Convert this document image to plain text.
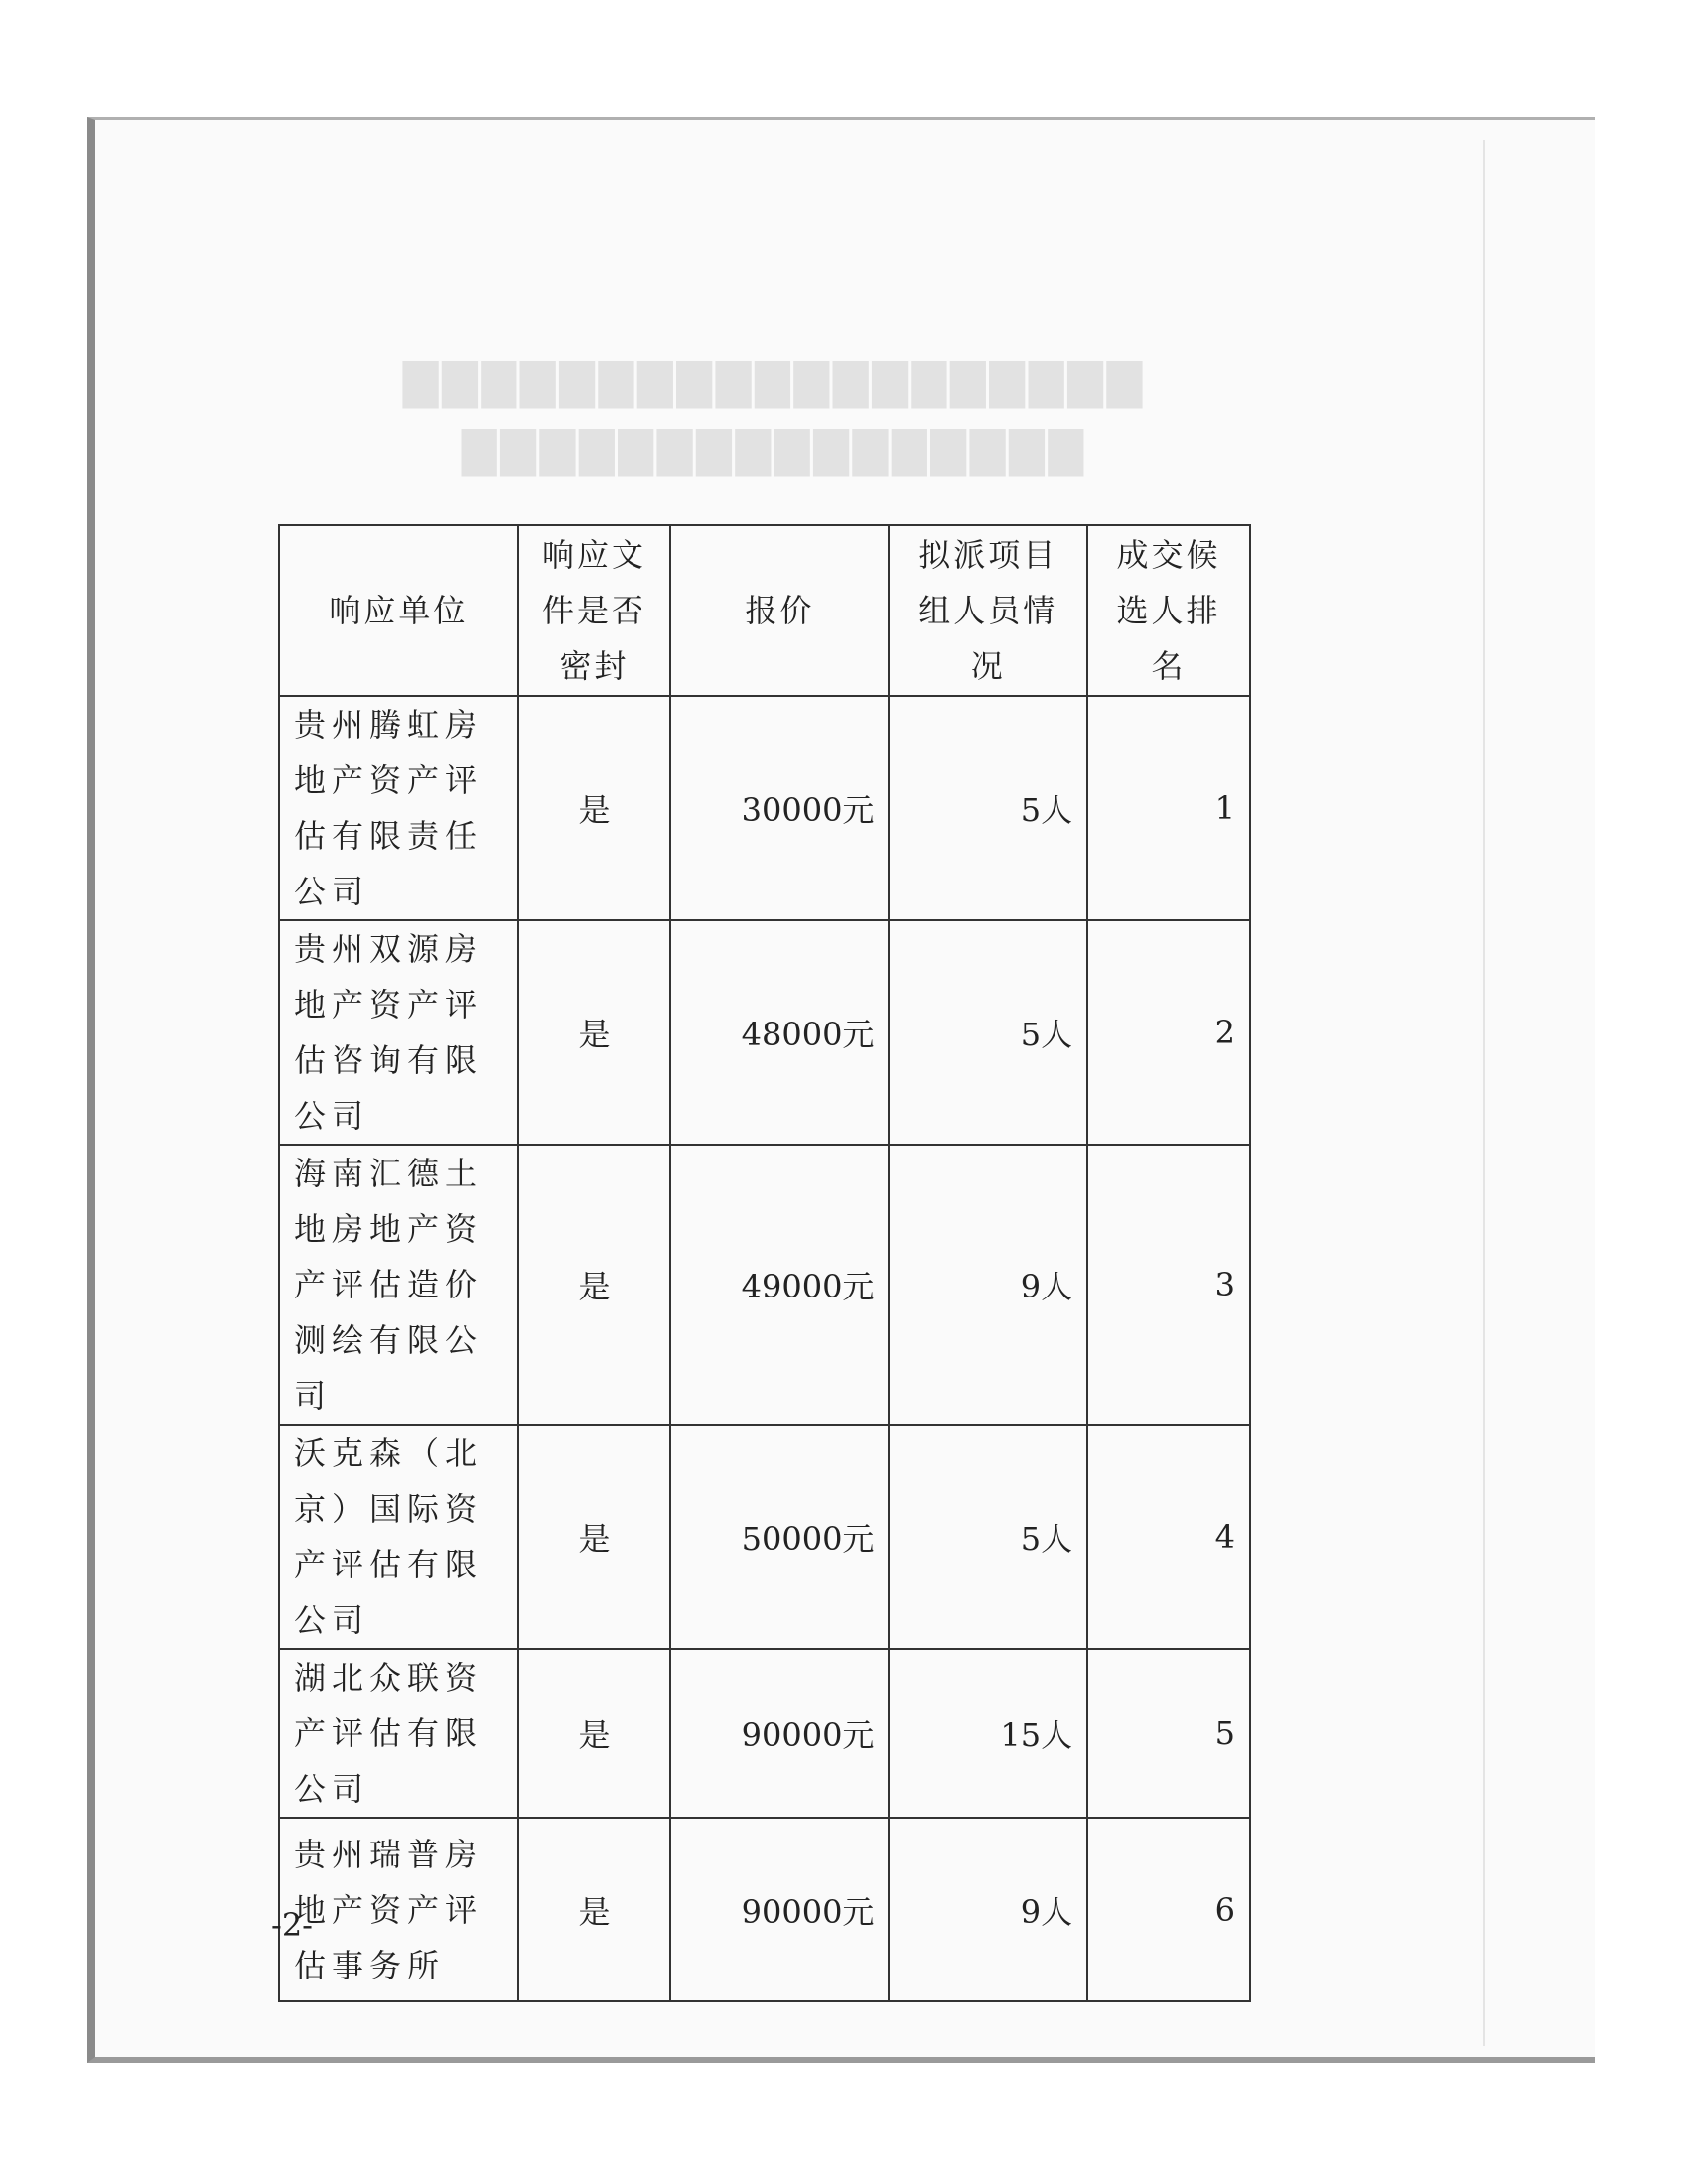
▇▇▇▇▇▇▇▇▇▇▇▇▇▇▇▇▇▇▇
▇▇▇▇▇▇▇▇▇▇▇▇▇▇▇▇
响应单位	响应文件是否密封	报价	拟派项目组人员情况	成交候选人排名
贵州腾虹房地产资产评估有限责任公司	是	30000元	5人	1
贵州双源房地产资产评估咨询有限公司	是	48000元	5人	2
海南汇德土地房地产资产评估造价测绘有限公司	是	49000元	9人	3
沃克森（北京）国际资产评估有限公司	是	50000元	5人	4
湖北众联资产评估有限公司	是	90000元	15人	5
贵州瑞普房地产资产评估事务所	是	90000元	9人	6
-2-
